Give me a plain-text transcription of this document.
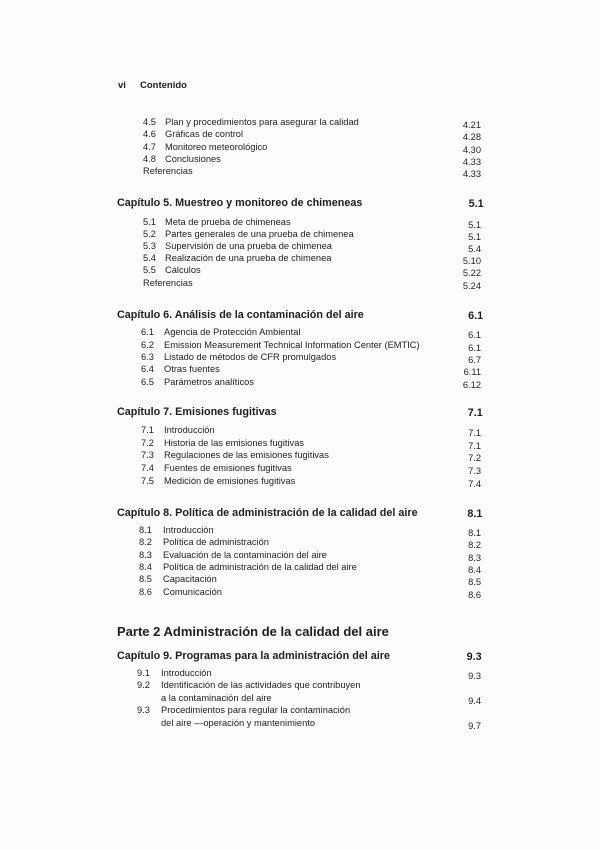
vi Contenido
4.5 Plan y procedimientos para asegurar la calidad	4.21
4.6 Gráficas de control	4.28
4.7 Monitoreo meteorológico	4.30
4.8 Conclusiones	4.33
Referencias	4.33
Capítulo 5. Muestreo y monitoreo de chimeneas	5.1
5.1 Meta de prueba de chimeneas	5.1
5.2 Partes generales de una prueba de chimenea	5.1
5.3 Supervisión de una prueba de chimenea	5.4
5.4 Realización de una prueba de chimenea	5.10
5.5 Cálculos	5.22
Referencias	5.24
Capítulo 6. Análisis de la contaminación del aire	6.1
6.1 Agencia de Protección Ambiental	6.1
6.2 Emission Measurement Technical Information Center (EMTIC)	6.1
6.3 Listado de métodos de CFR promulgados	6.7
6.4 Otras fuentes	6.11
6.5 Parámetros analíticos	6.12
Capítulo 7. Emisiones fugitivas	7.1
7.1 Introducción	7.1
7.2 Historia de las emisiones fugitivas	7.1
7.3 Regulaciones de las emisiones fugitivas	7.2
7.4 Fuentes de emisiones fugitivas	7.3
7.5 Medición de emisiones fugitivas	7.4
Capítulo 8. Política de administración de la calidad del aire	8.1
8.1 Introducción	8.1
8.2 Política de administración	8.2
8.3 Evaluación de la contaminación del aire	8.3
8.4 Política de administración de la calidad del aire	8.4
8.5 Capacitación	8.5
8.6 Comunicación	8.6
Parte 2 Administración de la calidad del aire
Capítulo 9. Programas para la administración del aire	9.3
9.1 Introducción	9.3
9.2 Identificación de las actividades que contribuyen
a la contaminación del aire	9.4
9.3 Procedimientos para regular la contaminación
del aire —operación y mantenimiento	9.7
